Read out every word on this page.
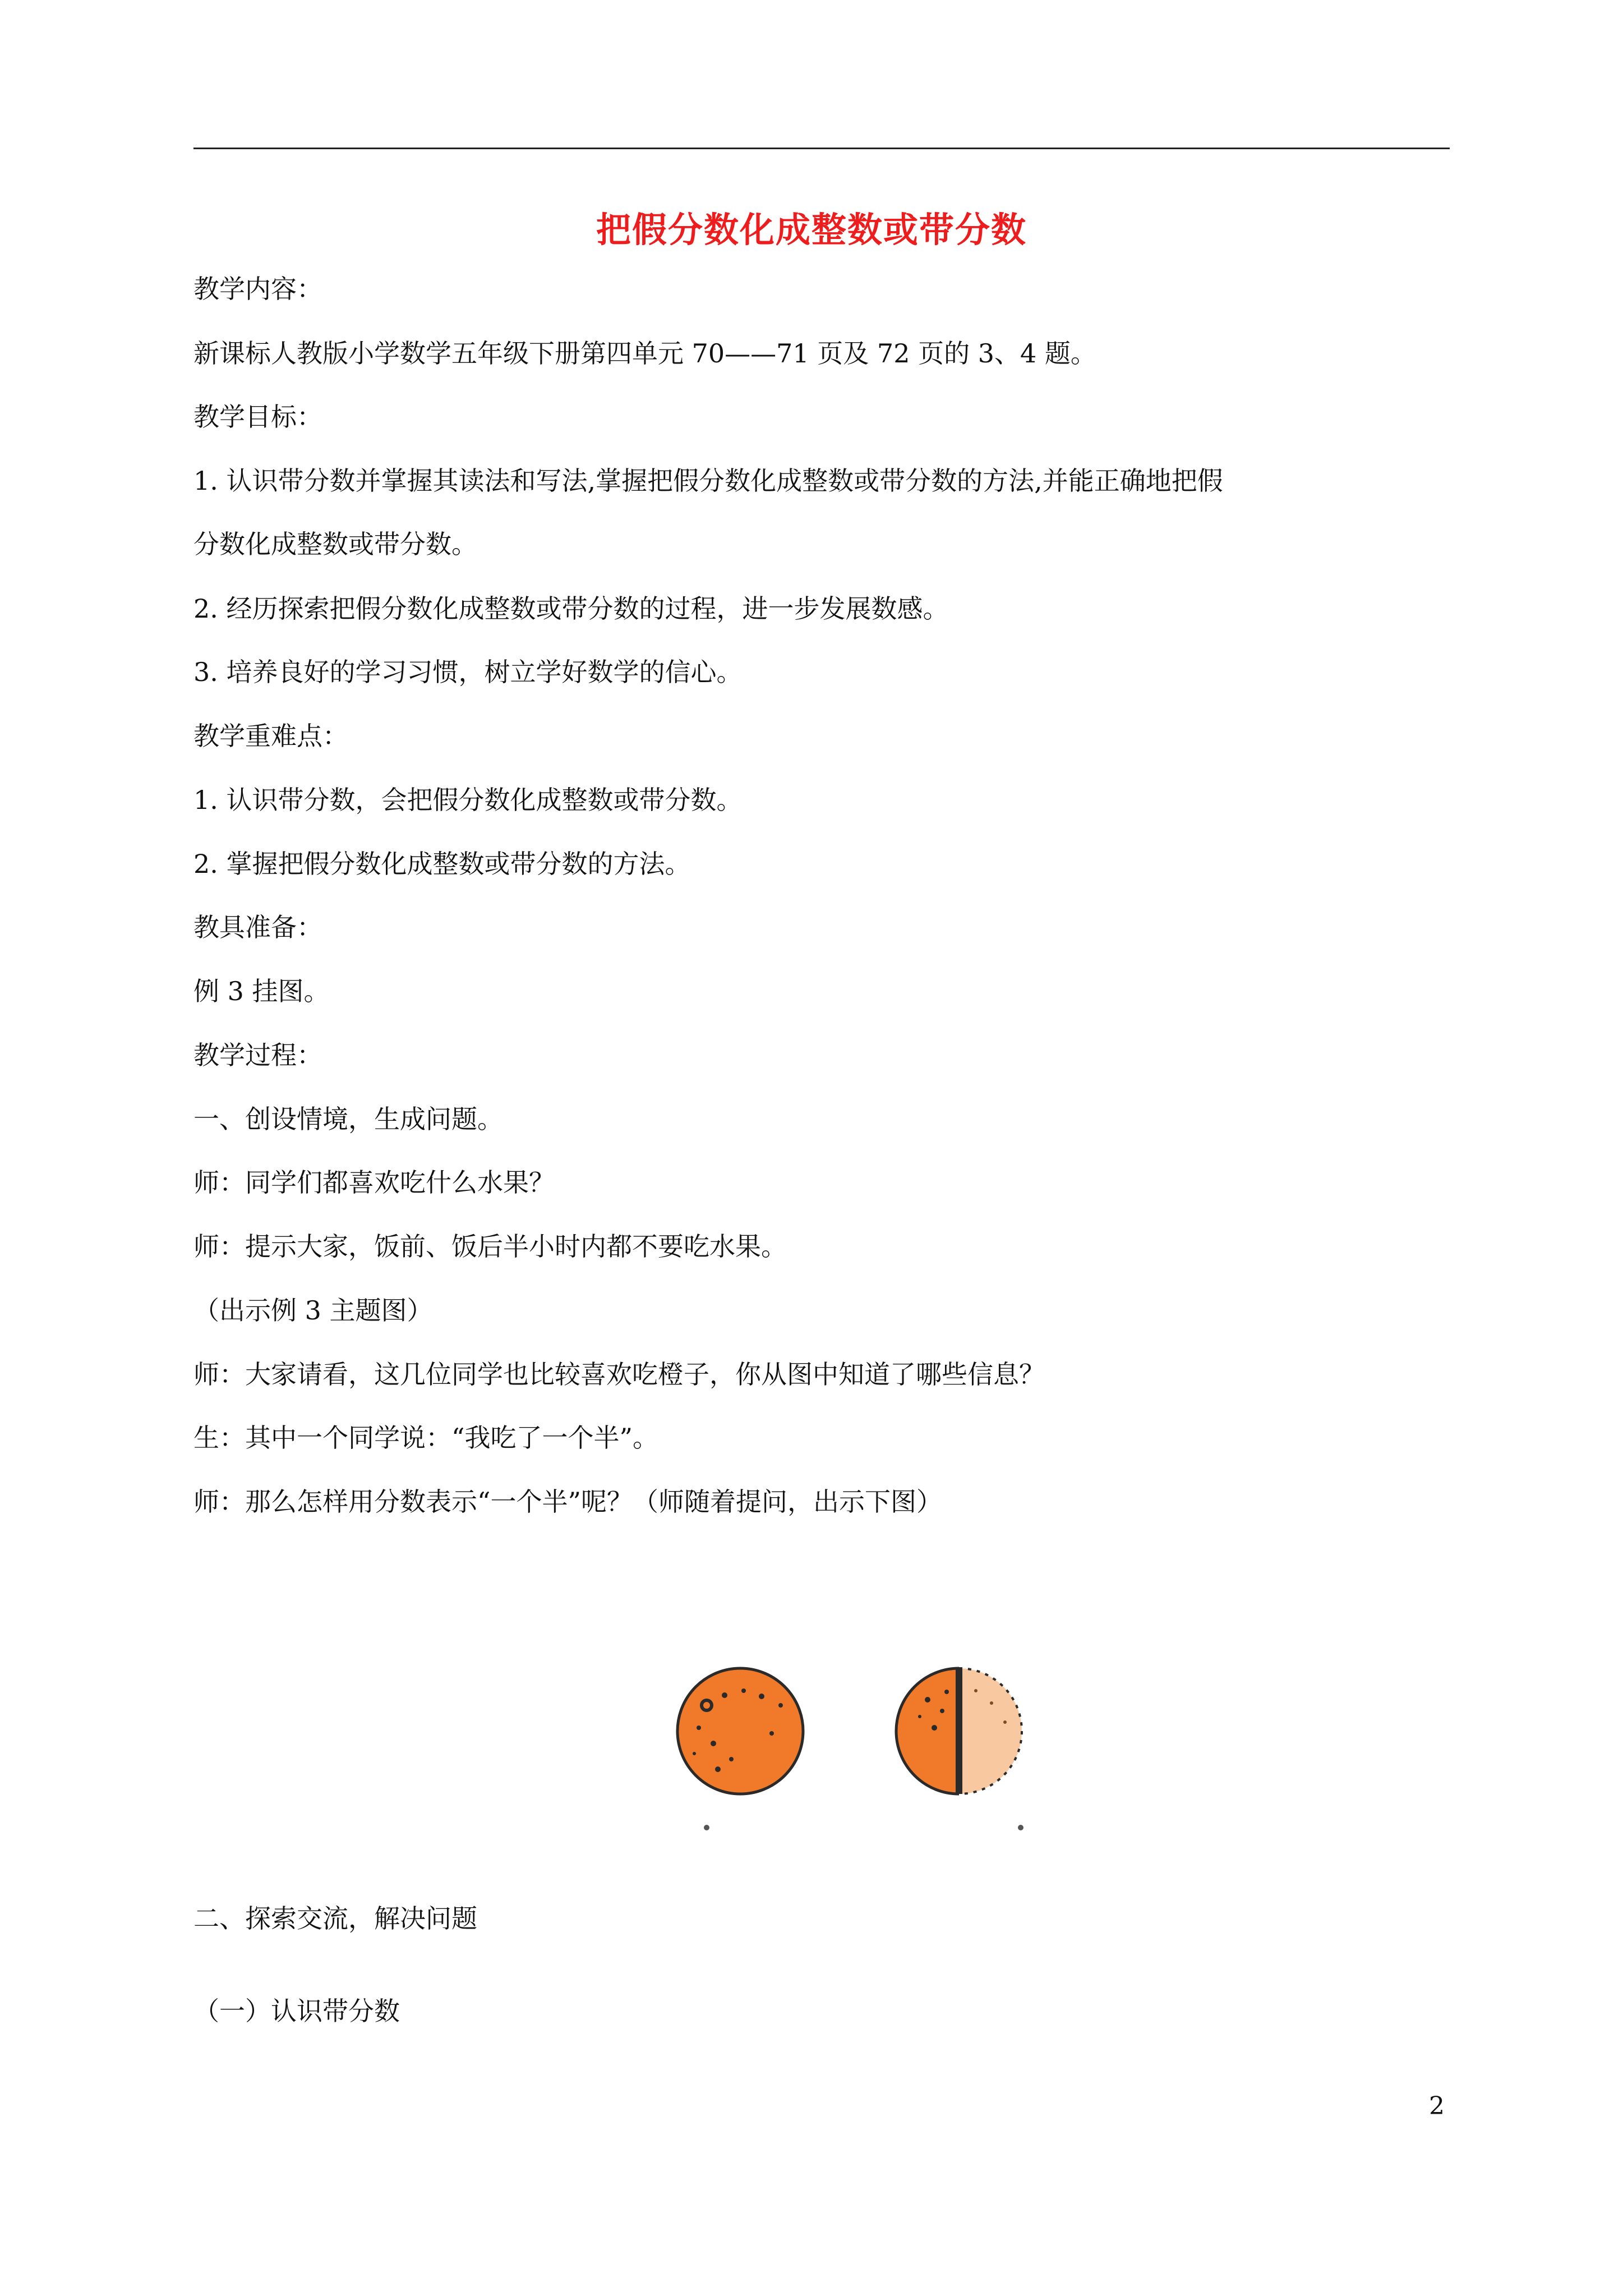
把假分数化成整数或带分数
教学内容：
新课标人教版小学数学五年级下册第四单元 70——71 页及 72 页的 3、4 题。
教学目标：
1. 认识带分数并掌握其读法和写法,掌握把假分数化成整数或带分数的方法,并能正确地把假
分数化成整数或带分数。
2. 经历探索把假分数化成整数或带分数的过程，进一步发展数感。
3. 培养良好的学习习惯，树立学好数学的信心。
教学重难点：
1. 认识带分数，会把假分数化成整数或带分数。
2. 掌握把假分数化成整数或带分数的方法。
教具准备：
例 3 挂图。
教学过程：
一、创设情境，生成问题。
师：同学们都喜欢吃什么水果？
师：提示大家，饭前、饭后半小时内都不要吃水果。
（出示例 3 主题图）
师：大家请看，这几位同学也比较喜欢吃橙子，你从图中知道了哪些信息？
生：其中一个同学说：“我吃了一个半”。
师：那么怎样用分数表示“一个半”呢？（师随着提问，出示下图）
二、探索交流，解决问题
（一）认识带分数
2
